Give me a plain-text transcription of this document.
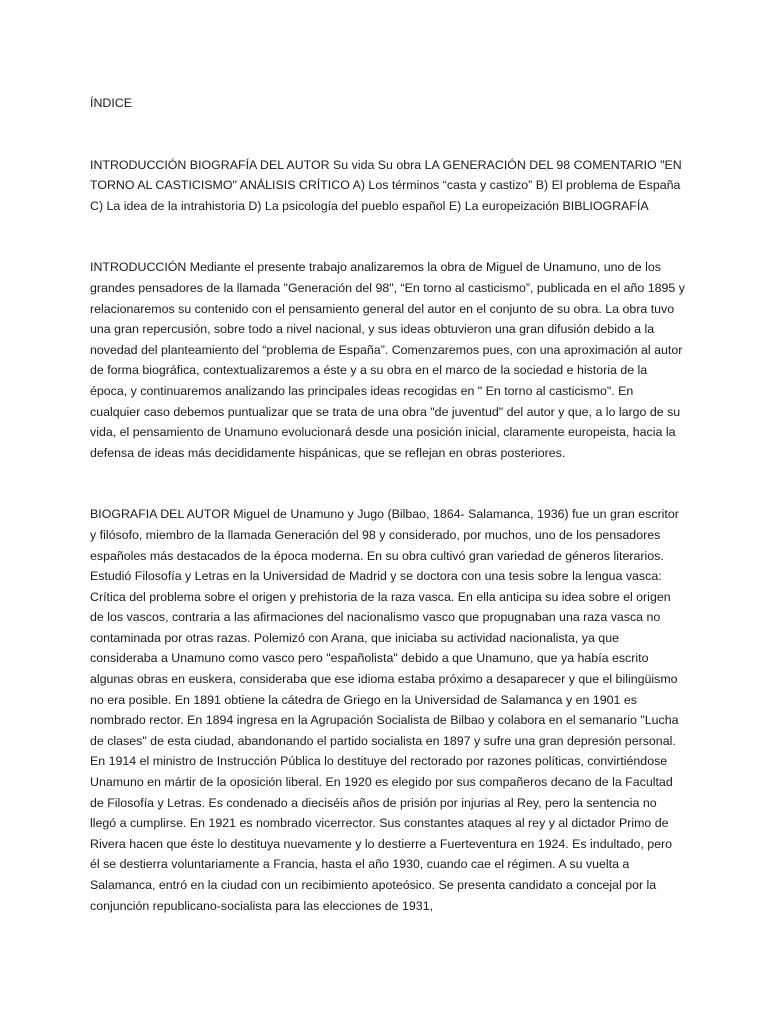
ÍNDICE

INTRODUCCIÓN BIOGRAFÍA DEL AUTOR Su vida Su obra LA GENERACIÓN DEL 98 COMENTARIO "EN TORNO AL CASTICISMO" ANÁLISIS CRÍTICO A) Los términos “casta y castizo” B) El problema de España C) La idea de la intrahistoria D) La psicología del pueblo español E) La europeización BIBLIOGRAFÍA

INTRODUCCIÓN Mediante el presente trabajo analizaremos la obra de Miguel de Unamuno, uno de los grandes pensadores de la llamada "Generación del 98", “En torno al casticismo”, publicada en el año 1895 y relacionaremos su contenido con el pensamiento general del autor en el conjunto de su obra. La obra tuvo una gran repercusión, sobre todo a nivel nacional, y sus ideas obtuvieron una gran difusión debido a la novedad del planteamiento del “problema de España”. Comenzaremos pues, con una aproximación al autor de forma biográfica, contextualizaremos a éste y a su obra en el marco de la sociedad e historia de la época, y continuaremos analizando las principales ideas recogidas en " En torno al casticismo". En cualquier caso debemos puntualizar que se trata de una obra "de juventud" del autor y que, a lo largo de su vida, el pensamiento de Unamuno evolucionará desde una posición inicial, claramente europeista, hacia la defensa de ideas más decididamente hispánicas, que se reflejan en obras posteriores.

BIOGRAFIA DEL AUTOR Miguel de Unamuno y Jugo (Bilbao, 1864- Salamanca, 1936) fue un gran escritor y filósofo, miembro de la llamada Generación del 98 y considerado, por muchos, uno de los pensadores españoles más destacados de la época moderna. En su obra cultivó gran variedad de géneros literarios. Estudió Filosofía y Letras en la Universidad de Madrid y se doctora con una tesis sobre la lengua vasca: Crítica del problema sobre el origen y prehistoria de la raza vasca. En ella anticipa su idea sobre el origen de los vascos, contraria a las afirmaciones del nacionalismo vasco que propugnaban una raza vasca no contaminada por otras razas. Polemizó con Arana, que iniciaba su actividad nacionalista, ya que consideraba a Unamuno como vasco pero "españolista" debido a que Unamuno, que ya había escrito algunas obras en euskera, consideraba que ese idioma estaba próximo a desaparecer y que el bilingüismo no era posible. En 1891 obtiene la cátedra de Griego en la Universidad de Salamanca y en 1901 es nombrado rector. En 1894 ingresa en la Agrupación Socialista de Bilbao y colabora en el semanario "Lucha de clases" de esta ciudad, abandonando el partido socialista en 1897 y sufre una gran depresión personal. En 1914 el ministro de Instrucción Pública lo destituye del rectorado por razones políticas, convirtiéndose Unamuno en mártir de la oposición liberal. En 1920 es elegido por sus compañeros decano de la Facultad de Filosofía y Letras. Es condenado a dieciséis años de prisión por injurias al Rey, pero la sentencia no llegó a cumplirse. En 1921 es nombrado vicerrector. Sus constantes ataques al rey y al dictador Primo de Rivera hacen que éste lo destituya nuevamente y lo destierre a Fuerteventura en 1924. Es indultado, pero él se destierra voluntariamente a Francia, hasta el año 1930, cuando cae el régimen. A su vuelta a Salamanca, entró en la ciudad con un recibimiento apoteósico. Se presenta candidato a concejal por la conjunción republicano-socialista para las elecciones de 1931,
